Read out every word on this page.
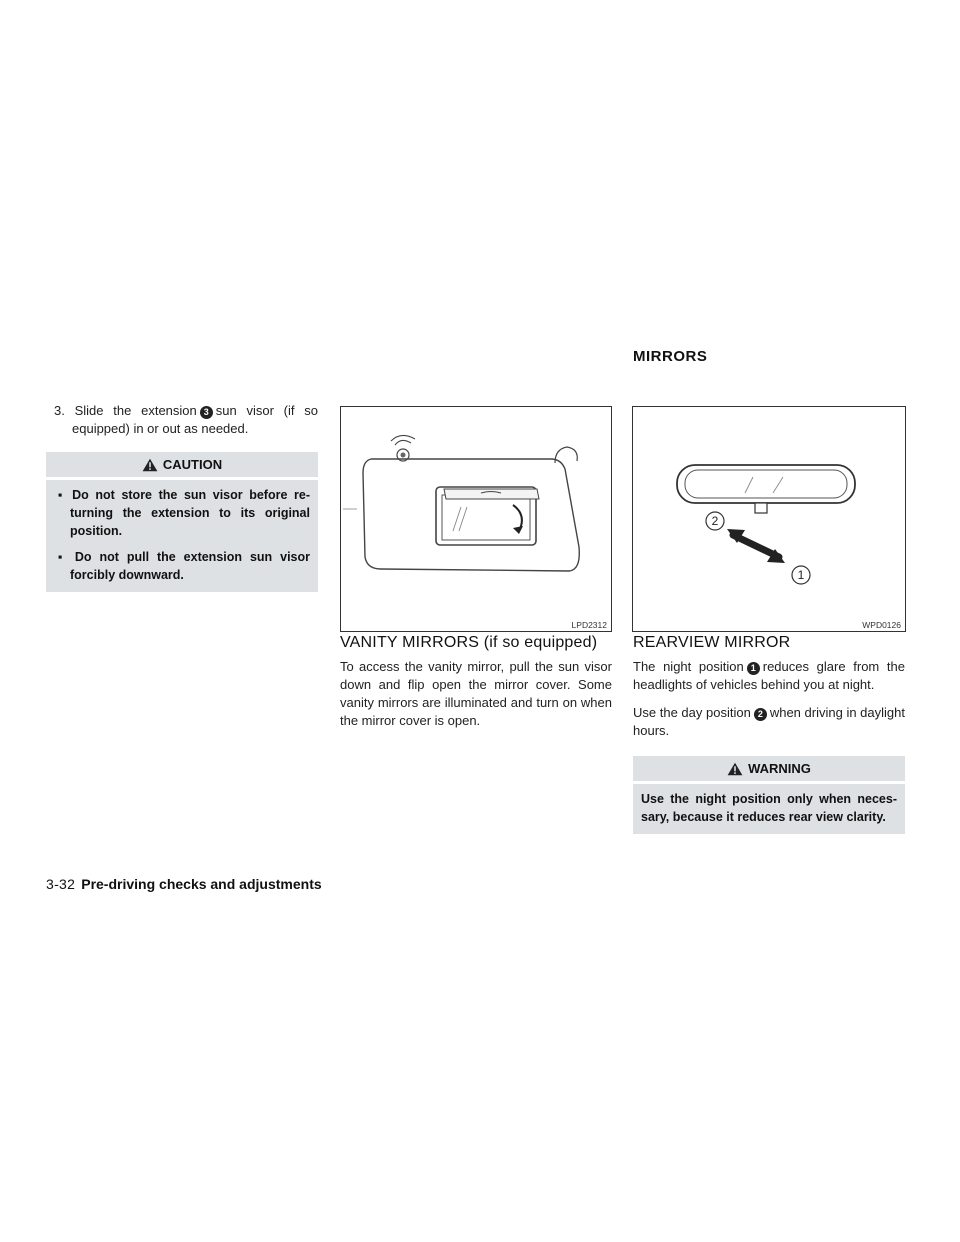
MIRRORS
3. Slide the extension 3 sun visor (if so equipped) in or out as needed.
CAUTION
▪ Do not store the sun visor before re-turning the extension to its original position.
▪ Do not pull the extension sun visor forcibly downward.
LPD2312
VANITY MIRRORS (if so equipped)

To access the vanity mirror, pull the sun visor down and flip open the mirror cover. Some vanity mirrors are illuminated and turn on when the mirror cover is open.

2
1
WPD0126
REARVIEW MIRROR

The night position 1 reduces glare from the headlights of vehicles behind you at night.

Use the day position 2 when driving in daylight hours.

WARNING
Use the night position only when neces-sary, because it reduces rear view clarity.
3-32 Pre-driving checks and adjustments
